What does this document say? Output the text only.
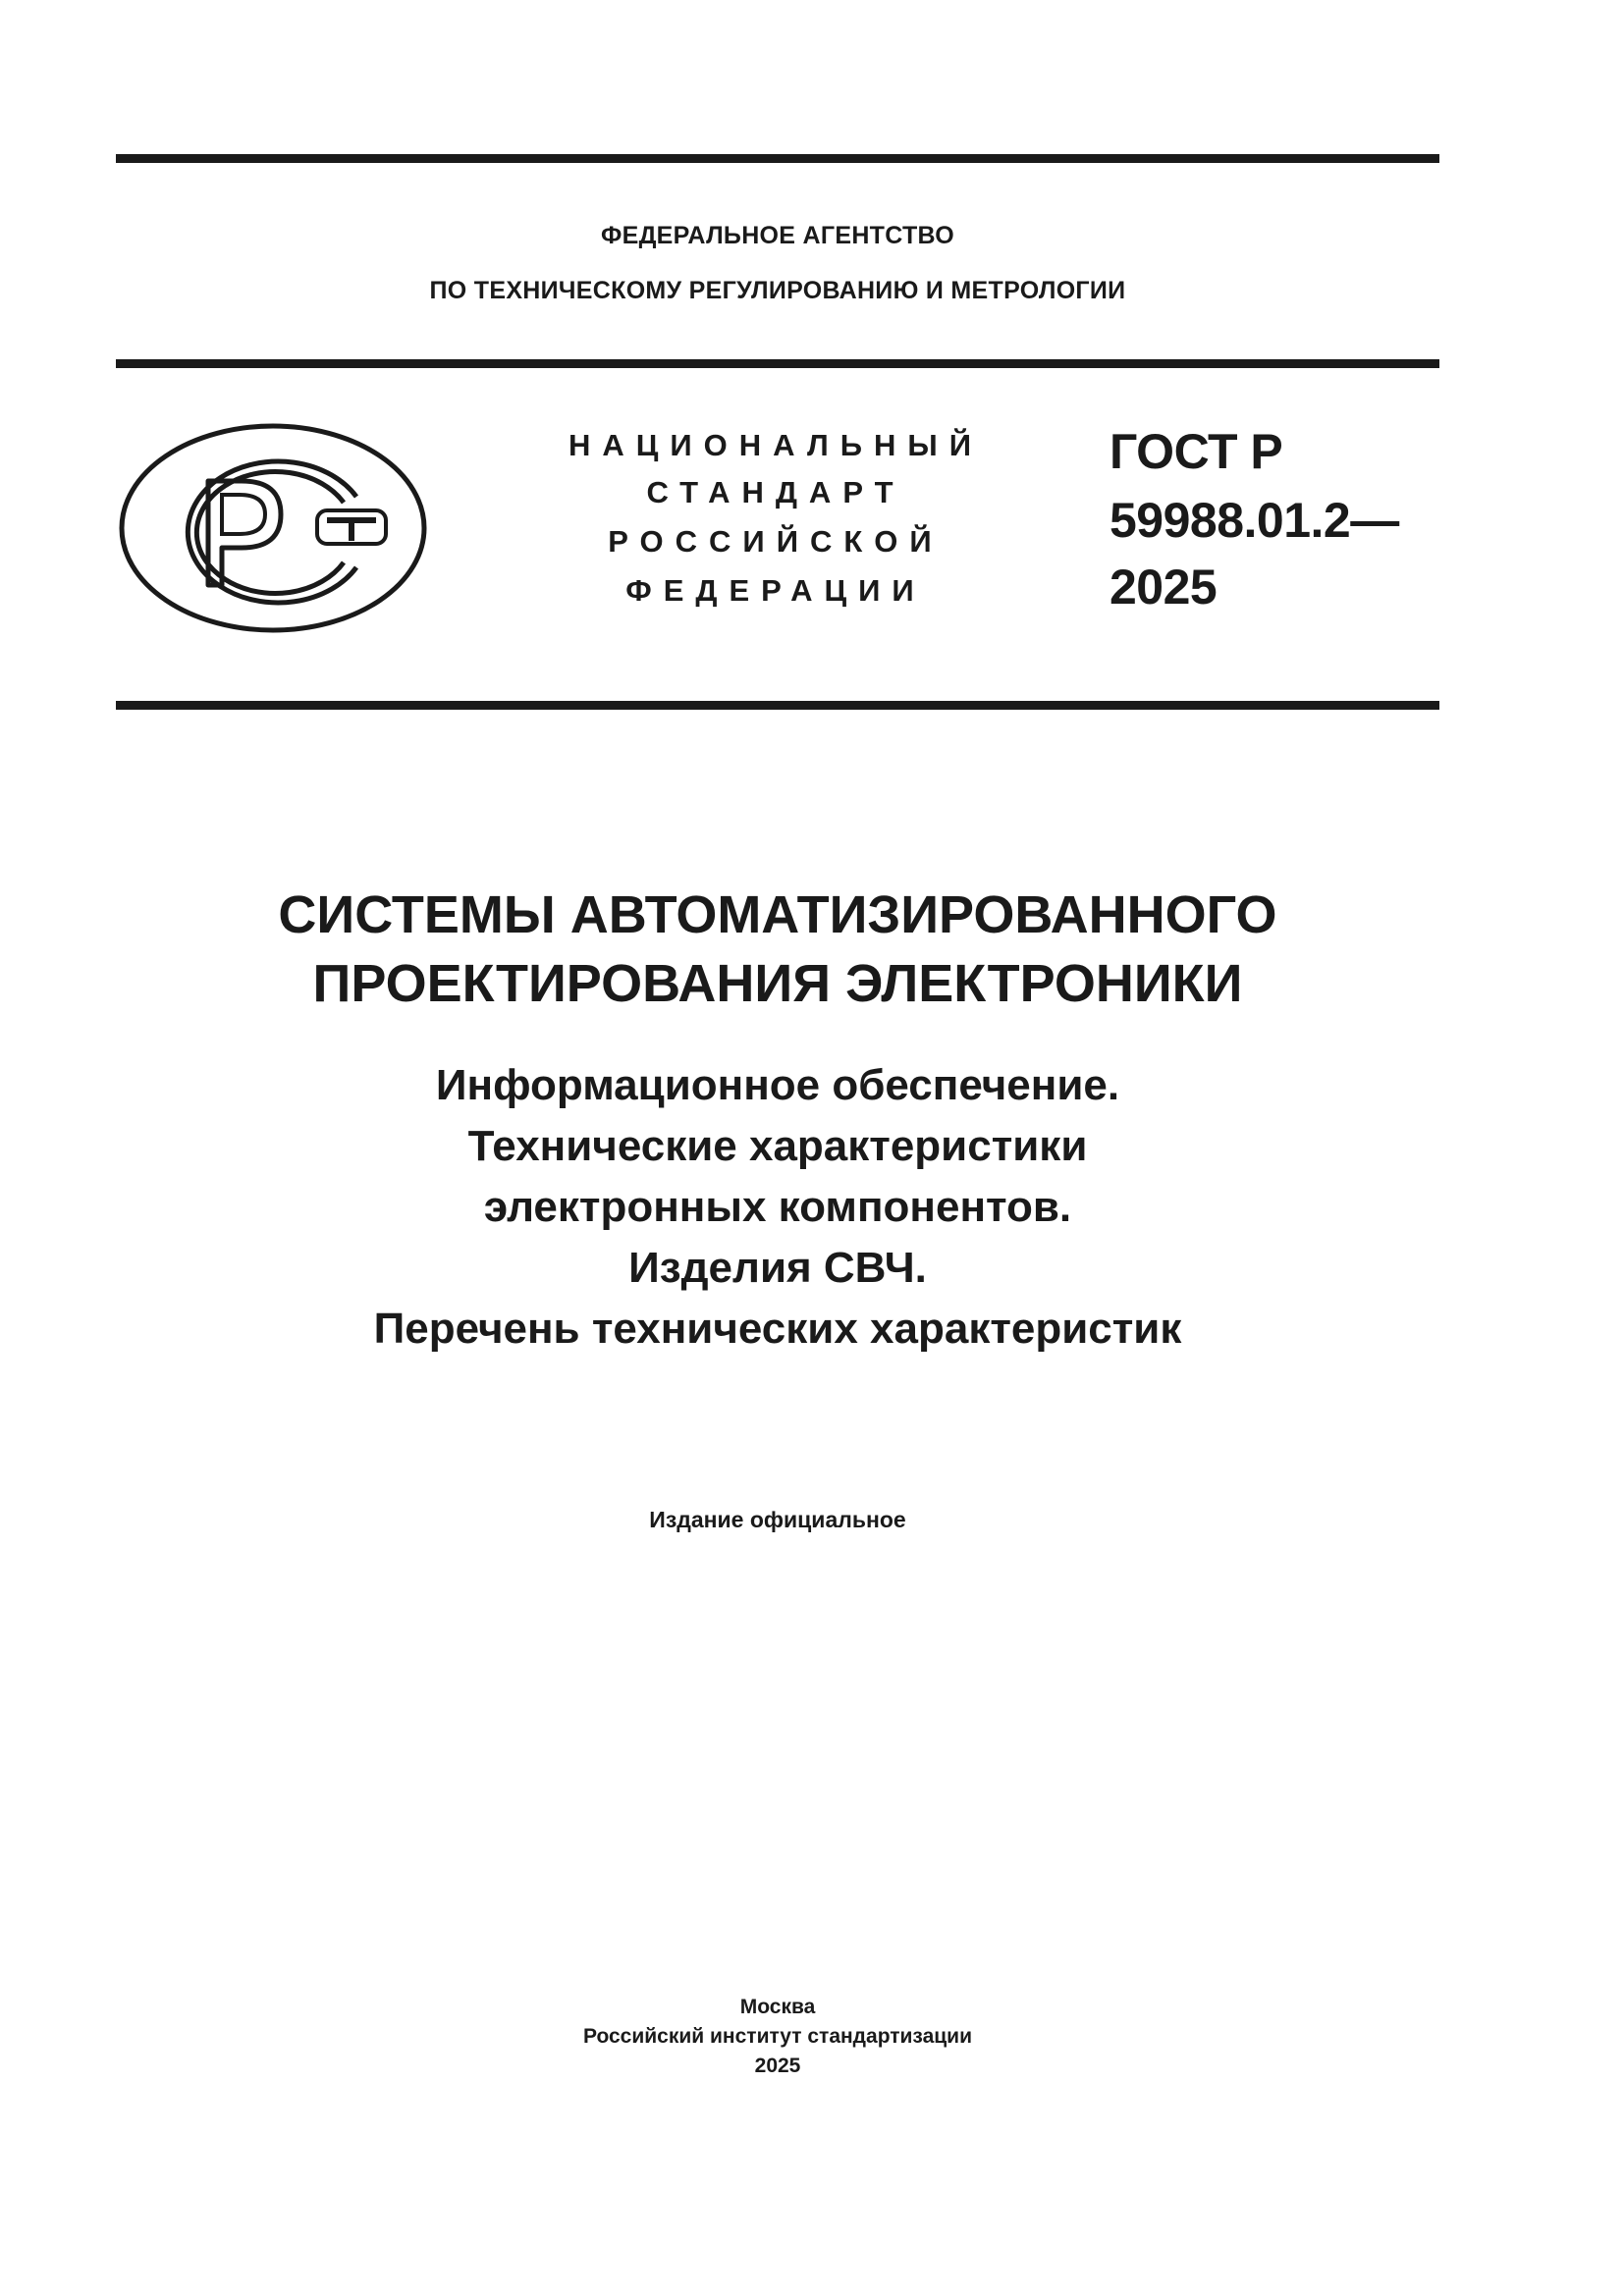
ФЕДЕРАЛЬНОЕ АГЕНТСТВО
ПО ТЕХНИЧЕСКОМУ РЕГУЛИРОВАНИЮ И МЕТРОЛОГИИ
НАЦИОНАЛЬНЫЙ
СТАНДАРТ
РОССИЙСКОЙ
ФЕДЕРАЦИИ
ГОСТ Р
59988.01.2—
2025
СИСТЕМЫ АВТОМАТИЗИРОВАННОГО
ПРОЕКТИРОВАНИЯ ЭЛЕКТРОНИКИ
Информационное обеспечение.
Технические характеристики
электронных компонентов.
Изделия СВЧ.
Перечень технических характеристик
Издание официальное
Москва
Российский институт стандартизации
2025
